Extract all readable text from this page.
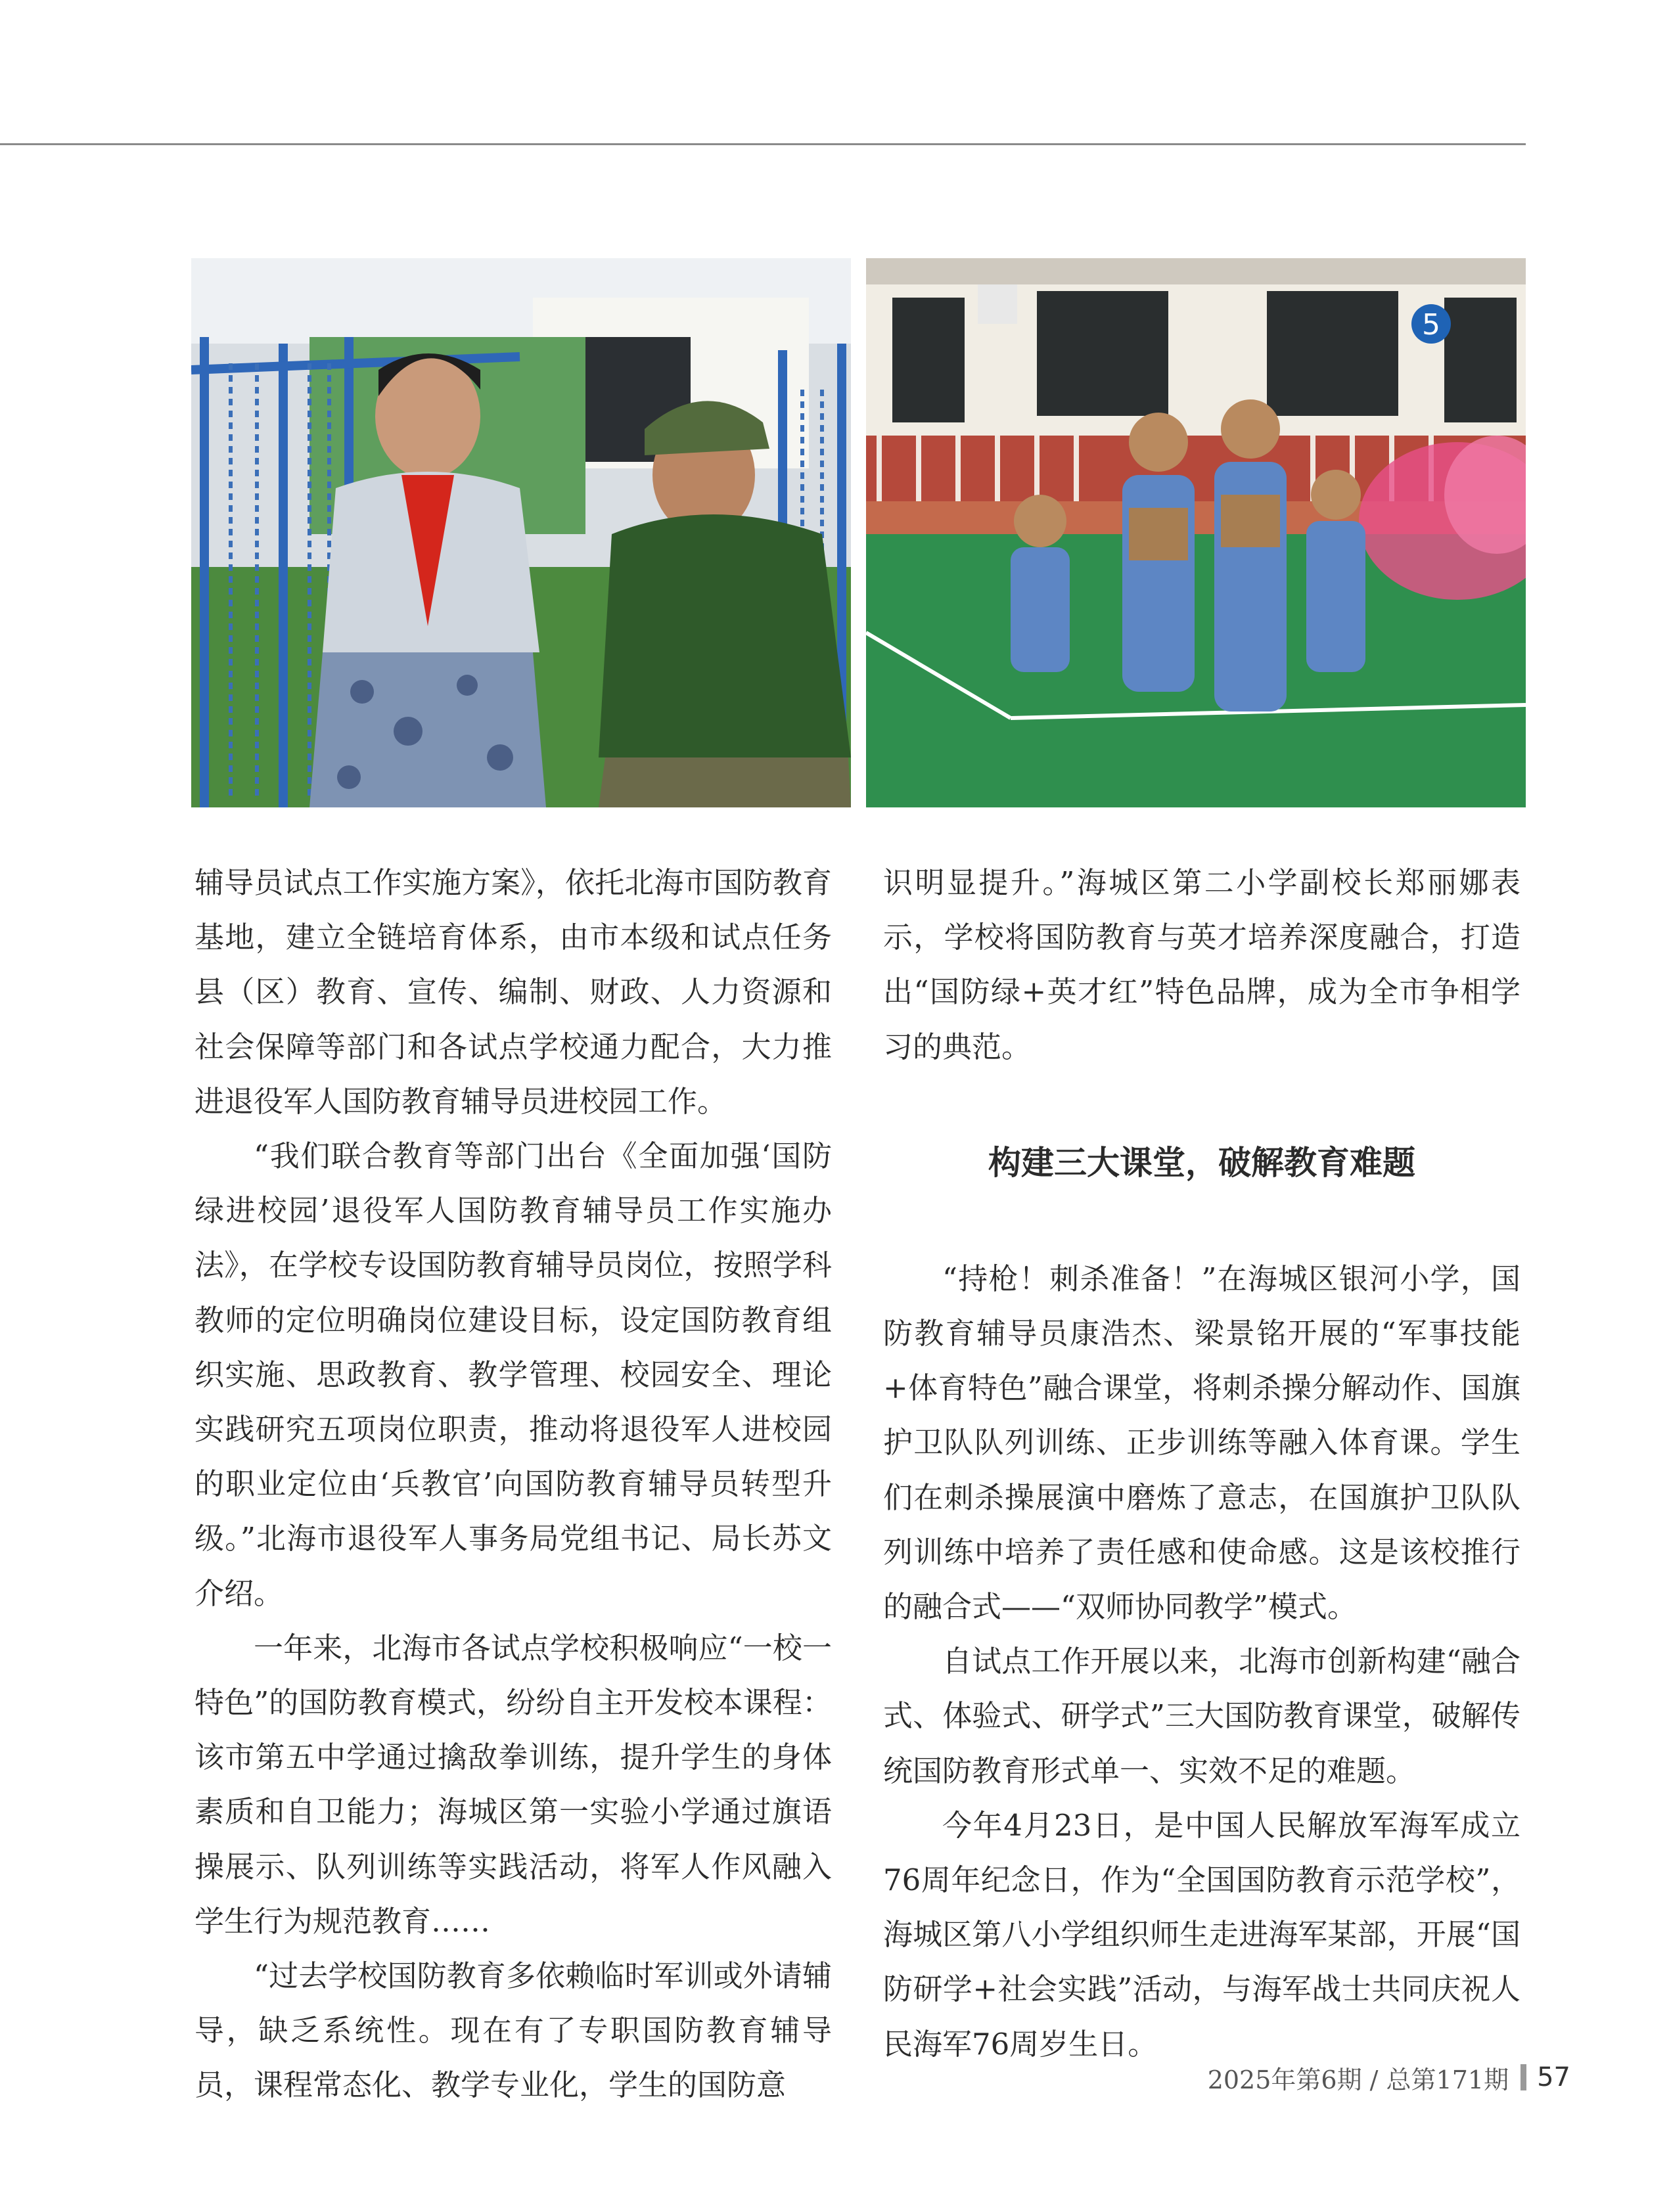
5

辅导员试点工作实施方案》，依托北海市国防教育基地，建立全链培育体系，由市本级和试点任务县（区）教育、宣传、编制、财政、人力资源和社会保障等部门和各试点学校通力配合，大力推进退役军人国防教育辅导员进校园工作。

“我们联合教育等部门出台《全面加强‘国防绿进校园’退役军人国防教育辅导员工作实施办法》，在学校专设国防教育辅导员岗位，按照学科教师的定位明确岗位建设目标，设定国防教育组织实施、思政教育、教学管理、校园安全、理论实践研究五项岗位职责，推动将退役军人进校园的职业定位由‘兵教官’向国防教育辅导员转型升级。”北海市退役军人事务局党组书记、局长苏文介绍。

一年来，北海市各试点学校积极响应“一校一特色”的国防教育模式，纷纷自主开发校本课程：该市第五中学通过擒敌拳训练，提升学生的身体素质和自卫能力；海城区第一实验小学通过旗语操展示、队列训练等实践活动，将军人作风融入学生行为规范教育……

“过去学校国防教育多依赖临时军训或外请辅导，缺乏系统性。现在有了专职国防教育辅导员，课程常态化、教学专业化，学生的国防意

识明显提升。”海城区第二小学副校长郑丽娜表示，学校将国防教育与英才培养深度融合，打造出“国防绿+英才红”特色品牌，成为全市争相学习的典范。

构建三大课堂，破解教育难题

“持枪！刺杀准备！”在海城区银河小学，国防教育辅导员康浩杰、梁景铭开展的“军事技能+体育特色”融合课堂，将刺杀操分解动作、国旗护卫队队列训练、正步训练等融入体育课。学生们在刺杀操展演中磨炼了意志，在国旗护卫队队列训练中培养了责任感和使命感。这是该校推行的融合式——“双师协同教学”模式。

自试点工作开展以来，北海市创新构建“融合式、体验式、研学式”三大国防教育课堂，破解传统国防教育形式单一、实效不足的难题。

今年4月23日，是中国人民解放军海军成立76周年纪念日，作为“全国国防教育示范学校”，海城区第八小学组织师生走进海军某部，开展“国防研学+社会实践”活动，与海军战士共同庆祝人民海军76周岁生日。

2025年第6期 / 总第171期 57
